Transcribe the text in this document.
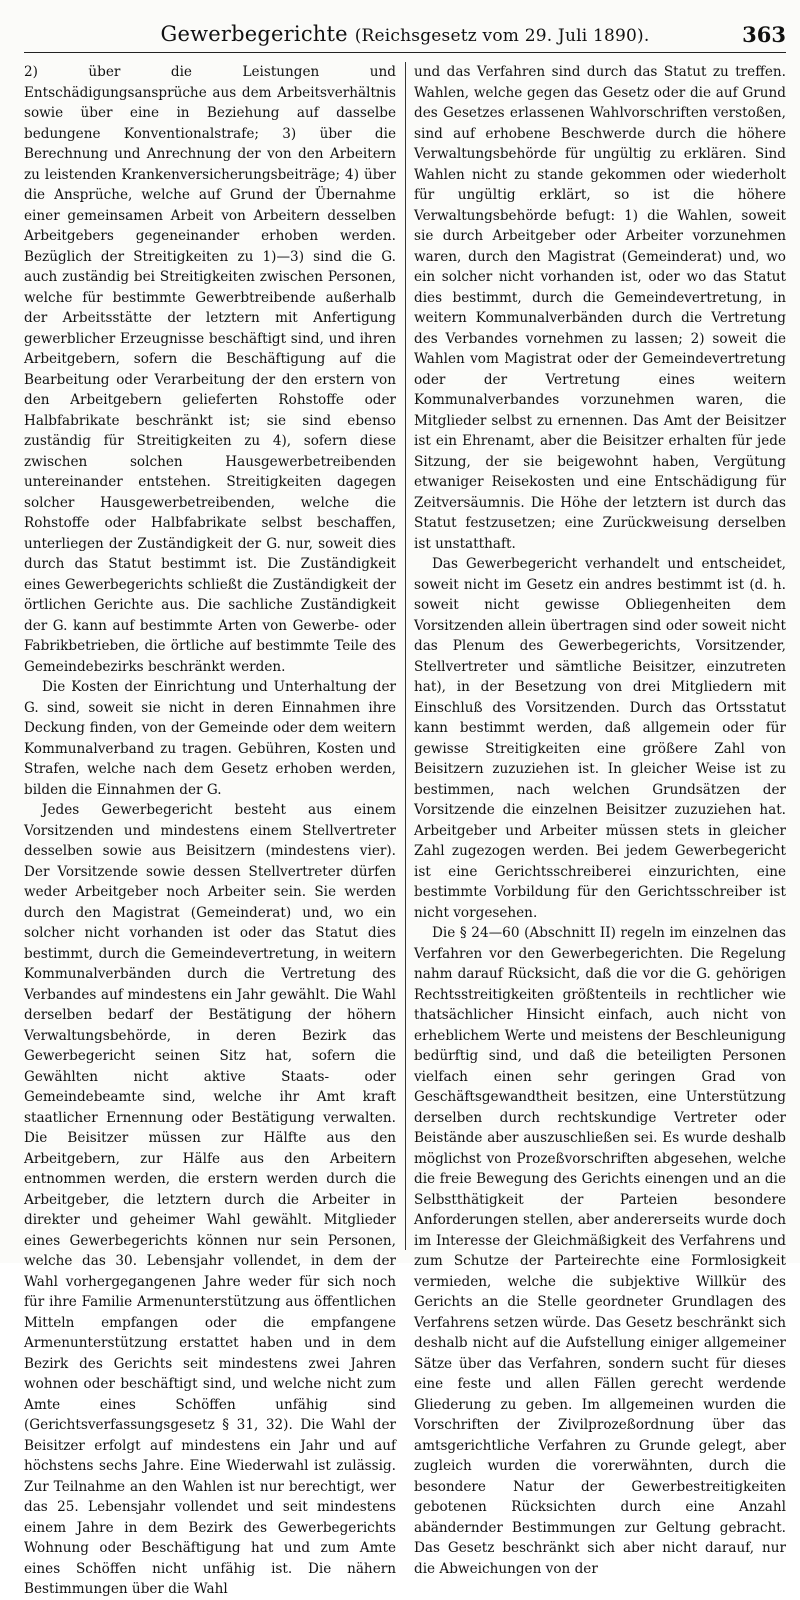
Gewerbegerichte (Reichsgesetz vom 29. Juli 1890).	363

2) über die Leistungen und Entschädigungsansprüche aus dem Arbeitsverhältnis sowie über eine in Beziehung auf dasselbe bedungene Konventionalstrafe; 3) über die Berechnung und Anrechnung der von den Arbeitern zu leistenden Krankenversicherungsbeiträge; 4) über die Ansprüche, welche auf Grund der Übernahme einer gemeinsamen Arbeit von Arbeitern desselben Arbeitgebers gegeneinander erhoben werden. Bezüglich der Streitigkeiten zu 1)—3) sind die G. auch zuständig bei Streitigkeiten zwischen Personen, welche für bestimmte Gewerbtreibende außerhalb der Arbeitsstätte der letztern mit Anfertigung gewerblicher Erzeugnisse beschäftigt sind, und ihren Arbeitgebern, sofern die Beschäftigung auf die Bearbeitung oder Verarbeitung der den erstern von den Arbeitgebern gelieferten Rohstoffe oder Halbfabrikate beschränkt ist; sie sind ebenso zuständig für Streitigkeiten zu 4), sofern diese zwischen solchen Hausgewerbetreibenden untereinander entstehen. Streitigkeiten dagegen solcher Hausgewerbetreibenden, welche die Rohstoffe oder Halbfabrikate selbst beschaffen, unterliegen der Zuständigkeit der G. nur, soweit dies durch das Statut bestimmt ist. Die Zuständigkeit eines Gewerbegerichts schließt die Zuständigkeit der örtlichen Gerichte aus. Die sachliche Zuständigkeit der G. kann auf bestimmte Arten von Gewerbe- oder Fabrikbetrieben, die örtliche auf bestimmte Teile des Gemeindebezirks beschränkt werden.

Die Kosten der Einrichtung und Unterhaltung der G. sind, soweit sie nicht in deren Einnahmen ihre Deckung finden, von der Gemeinde oder dem weitern Kommunalverband zu tragen. Gebühren, Kosten und Strafen, welche nach dem Gesetz erhoben werden, bilden die Einnahmen der G.

Jedes Gewerbegericht besteht aus einem Vorsitzenden und mindestens einem Stellvertreter desselben sowie aus Beisitzern (mindestens vier). Der Vorsitzende sowie dessen Stellvertreter dürfen weder Arbeitgeber noch Arbeiter sein. Sie werden durch den Magistrat (Gemeinderat) und, wo ein solcher nicht vorhanden ist oder das Statut dies bestimmt, durch die Gemeindevertretung, in weitern Kommunalverbänden durch die Vertretung des Verbandes auf mindestens ein Jahr gewählt. Die Wahl derselben bedarf der Bestätigung der höhern Verwaltungsbehörde, in deren Bezirk das Gewerbegericht seinen Sitz hat, sofern die Gewählten nicht aktive Staats- oder Gemeindebeamte sind, welche ihr Amt kraft staatlicher Ernennung oder Bestätigung verwalten. Die Beisitzer müssen zur Hälfte aus den Arbeitgebern, zur Hälfe aus den Arbeitern entnommen werden, die erstern werden durch die Arbeitgeber, die letztern durch die Arbeiter in direkter und geheimer Wahl gewählt. Mitglieder eines Gewerbegerichts können nur sein Personen, welche das 30. Lebensjahr vollendet, in dem der Wahl vorhergegangenen Jahre weder für sich noch für ihre Familie Armenunterstützung aus öffentlichen Mitteln empfangen oder die empfangene Armenunterstützung erstattet haben und in dem Bezirk des Gerichts seit mindestens zwei Jahren wohnen oder beschäftigt sind, und welche nicht zum Amte eines Schöffen unfähig sind (Gerichtsverfassungsgesetz § 31, 32). Die Wahl der Beisitzer erfolgt auf mindestens ein Jahr und auf höchstens sechs Jahre. Eine Wiederwahl ist zulässig. Zur Teilnahme an den Wahlen ist nur berechtigt, wer das 25. Lebensjahr vollendet und seit mindestens einem Jahre in dem Bezirk des Gewerbegerichts Wohnung oder Beschäftigung hat und zum Amte eines Schöffen nicht unfähig ist. Die nähern Bestimmungen über die Wahl

und das Verfahren sind durch das Statut zu treffen. Wahlen, welche gegen das Gesetz oder die auf Grund des Gesetzes erlassenen Wahlvorschriften verstoßen, sind auf erhobene Beschwerde durch die höhere Verwaltungsbehörde für ungültig zu erklären. Sind Wahlen nicht zu stande gekommen oder wiederholt für ungültig erklärt, so ist die höhere Verwaltungsbehörde befugt: 1) die Wahlen, soweit sie durch Arbeitgeber oder Arbeiter vorzunehmen waren, durch den Magistrat (Gemeinderat) und, wo ein solcher nicht vorhanden ist, oder wo das Statut dies bestimmt, durch die Gemeindevertretung, in weitern Kommunalverbänden durch die Vertretung des Verbandes vornehmen zu lassen; 2) soweit die Wahlen vom Magistrat oder der Gemeindevertretung oder der Vertretung eines weitern Kommunalverbandes vorzunehmen waren, die Mitglieder selbst zu ernennen. Das Amt der Beisitzer ist ein Ehrenamt, aber die Beisitzer erhalten für jede Sitzung, der sie beigewohnt haben, Vergütung etwaniger Reisekosten und eine Entschädigung für Zeitversäumnis. Die Höhe der letztern ist durch das Statut festzusetzen; eine Zurückweisung derselben ist unstatthaft.

Das Gewerbegericht verhandelt und entscheidet, soweit nicht im Gesetz ein andres bestimmt ist (d. h. soweit nicht gewisse Obliegenheiten dem Vorsitzenden allein übertragen sind oder soweit nicht das Plenum des Gewerbegerichts, Vorsitzender, Stellvertreter und sämtliche Beisitzer, einzutreten hat), in der Besetzung von drei Mitgliedern mit Einschluß des Vorsitzenden. Durch das Ortsstatut kann bestimmt werden, daß allgemein oder für gewisse Streitigkeiten eine größere Zahl von Beisitzern zuzuziehen ist. In gleicher Weise ist zu bestimmen, nach welchen Grundsätzen der Vorsitzende die einzelnen Beisitzer zuzuziehen hat. Arbeitgeber und Arbeiter müssen stets in gleicher Zahl zugezogen werden. Bei jedem Gewerbegericht ist eine Gerichtsschreiberei einzurichten, eine bestimmte Vorbildung für den Gerichtsschreiber ist nicht vorgesehen.

Die § 24—60 (Abschnitt II) regeln im einzelnen das Verfahren vor den Gewerbegerichten. Die Regelung nahm darauf Rücksicht, daß die vor die G. gehörigen Rechtsstreitigkeiten größtenteils in rechtlicher wie thatsächlicher Hinsicht einfach, auch nicht von erheblichem Werte und meistens der Beschleunigung bedürftig sind, und daß die beteiligten Personen vielfach einen sehr geringen Grad von Geschäftsgewandtheit besitzen, eine Unterstützung derselben durch rechtskundige Vertreter oder Beistände aber auszuschließen sei. Es wurde deshalb möglichst von Prozeßvorschriften abgesehen, welche die freie Bewegung des Gerichts einengen und an die Selbstthätigkeit der Parteien besondere Anforderungen stellen, aber andererseits wurde doch im Interesse der Gleichmäßigkeit des Verfahrens und zum Schutze der Parteirechte eine Formlosigkeit vermieden, welche die subjektive Willkür des Gerichts an die Stelle geordneter Grundlagen des Verfahrens setzen würde. Das Gesetz beschränkt sich deshalb nicht auf die Aufstellung einiger allgemeiner Sätze über das Verfahren, sondern sucht für dieses eine feste und allen Fällen gerecht werdende Gliederung zu geben. Im allgemeinen wurden die Vorschriften der Zivilprozeßordnung über das amtsgerichtliche Verfahren zu Grunde gelegt, aber zugleich wurden die vorerwähnten, durch die besondere Natur der Gewerbestreitigkeiten gebotenen Rücksichten durch eine Anzahl abändernder Bestimmungen zur Geltung gebracht. Das Gesetz beschränkt sich aber nicht darauf, nur die Abweichungen von der
